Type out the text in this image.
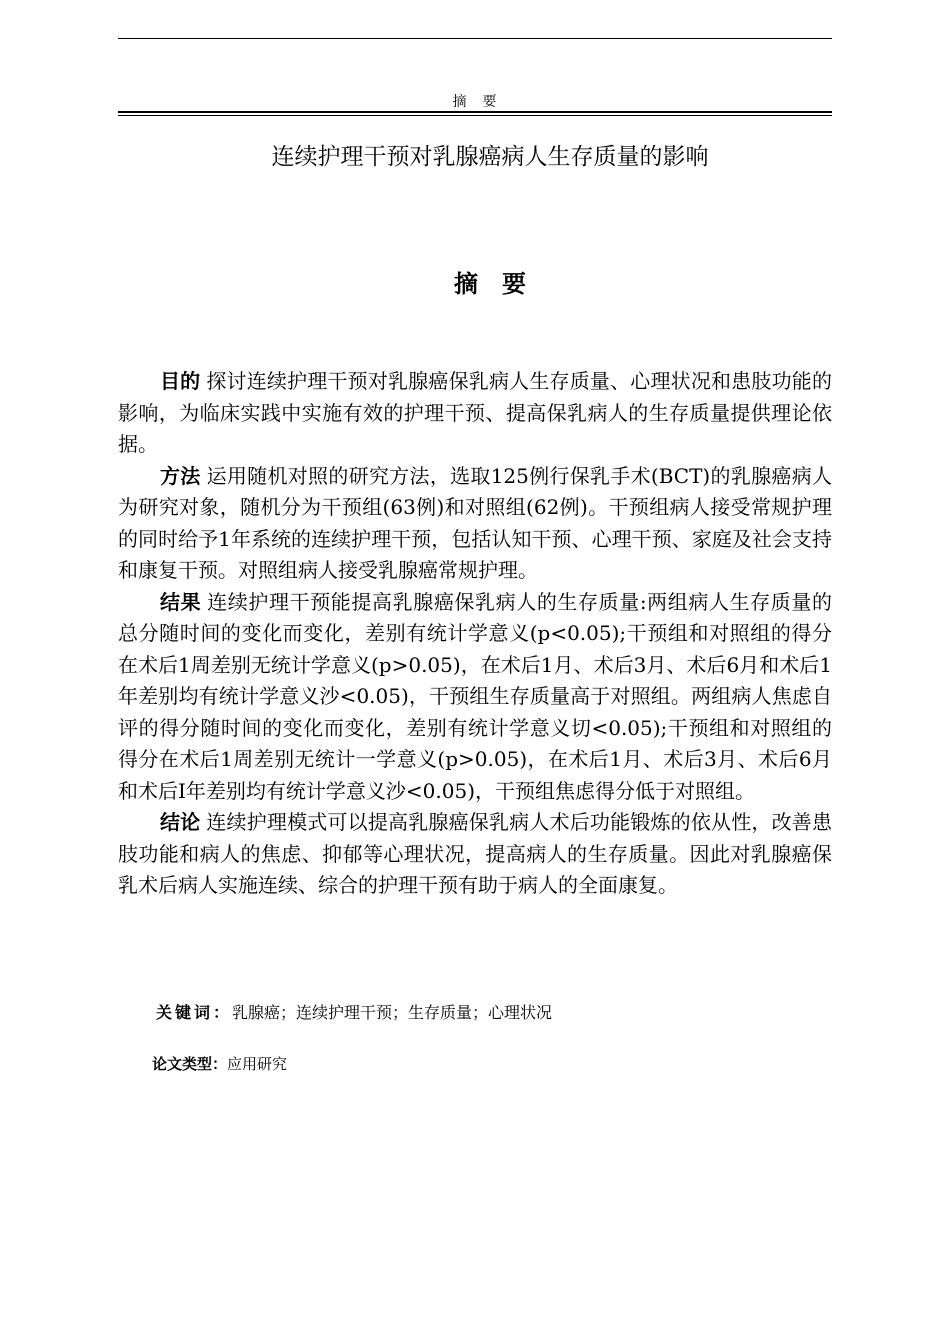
摘　要
连续护理干预对乳腺癌病人生存质量的影响
摘　要

目的 探讨连续护理干预对乳腺癌保乳病人生存质量、心理状况和患肢功能的影响，为临床实践中实施有效的护理干预、提高保乳病人的生存质量提供理论依据。

方法 运用随机对照的研究方法，选取125例行保乳手术(BCT)的乳腺癌病人为研究对象，随机分为干预组(63例)和对照组(62例)。干预组病人接受常规护理的同时给予1年系统的连续护理干预，包括认知干预、心理干预、家庭及社会支持和康复干预。对照组病人接受乳腺癌常规护理。

结果 连续护理干预能提高乳腺癌保乳病人的生存质量:两组病人生存质量的总分随时间的变化而变化，差别有统计学意义(p<0.05);干预组和对照组的得分在术后1周差别无统计学意义(p>0.05)，在术后1月、术后3月、术后6月和术后1年差别均有统计学意义沙<0.05)，干预组生存质量高于对照组。两组病人焦虑自评的得分随时间的变化而变化，差别有统计学意义切<0.05);干预组和对照组的得分在术后1周差别无统计一学意义(p>0.05)，在术后1月、术后3月、术后6月和术后I年差别均有统计学意义沙<0.05)，干预组焦虑得分低于对照组。

结论 连续护理模式可以提高乳腺癌保乳病人术后功能锻炼的依从性，改善患肢功能和病人的焦虑、抑郁等心理状况，提高病人的生存质量。因此对乳腺癌保乳术后病人实施连续、综合的护理干预有助于病人的全面康复。

关键词：乳腺癌；连续护理干预；生存质量；心理状况
论文类型：应用研究
